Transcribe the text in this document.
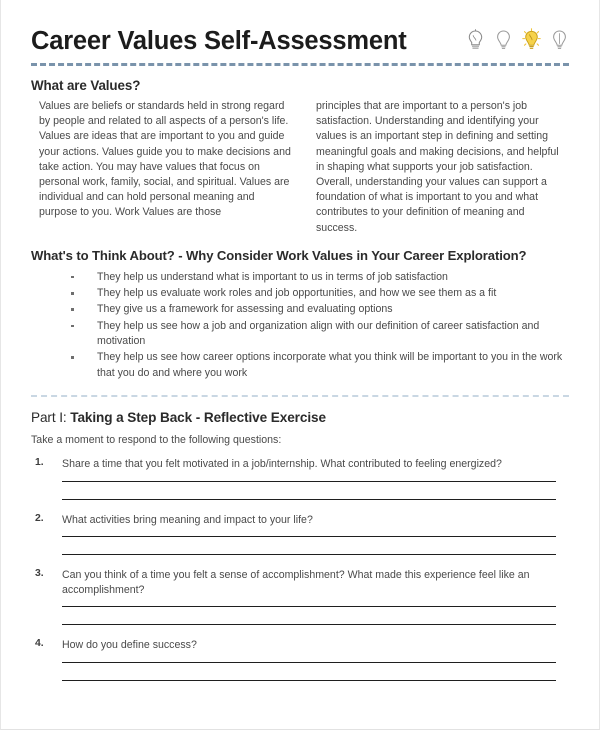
Career Values Self-Assessment
What are Values?

Values are beliefs or standards held in strong regard by people and related to all aspects of a person's life. Values are ideas that are important to you and guide your actions. Values guide you to make decisions and take action. You may have values that focus on personal work, family, social, and spiritual. Values are individual and can hold personal meaning and purpose to you. Work Values are those

principles that are important to a person's job satisfaction. Understanding and identifying your values is an important step in defining and setting meaningful goals and making decisions, and helpful in shaping what supports your job satisfaction. Overall, understanding your values can support a foundation of what is important to you and what contributes to your definition of meaning and success.

What's to Think About? - Why Consider Work Values in Your Career Exploration?
They help us understand what is important to us in terms of job satisfaction
They help us evaluate work roles and job opportunities, and how we see them as a fit
They give us a framework for assessing and evaluating options
They help us see how a job and organization align with our definition of career satisfaction and motivation
They help us see how career options incorporate what you think will be important to you in the work that you do and where you work
Part I: Taking a Step Back - Reflective Exercise
Take a moment to respond to the following questions:
1. Share a time that you felt motivated in a job/internship. What contributed to feeling energized?
2. What activities bring meaning and impact to your life?
3. Can you think of a time you felt a sense of accomplishment? What made this experience feel like an accomplishment?
4. How do you define success?
